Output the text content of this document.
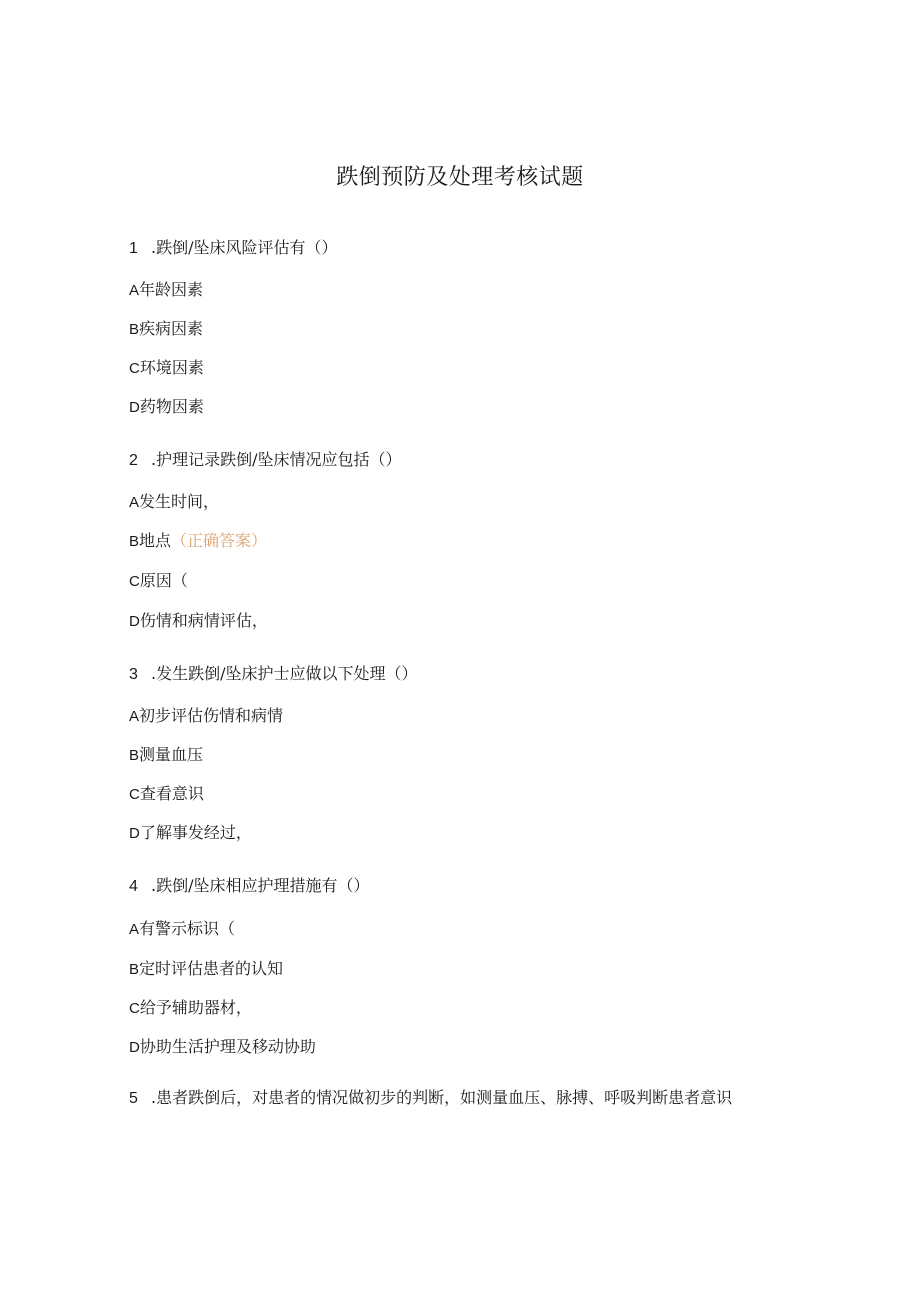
跌倒预防及处理考核试题
1 .跌倒/坠床风险评估有（）
A年龄因素
B疾病因素
C环境因素
D药物因素
2 .护理记录跌倒/坠床情况应包括（）
A发生时间，
B地点（正确答案）
C原因（
D伤情和病情评估，
3 .发生跌倒/坠床护士应做以下处理（）
A初步评估伤情和病情
B测量血压
C查看意识
D了解事发经过，
4 .跌倒/坠床相应护理措施有（）
A有警示标识（
B定时评估患者的认知
C给予辅助器材，
D协助生活护理及移动协助
5 .患者跌倒后，对患者的情况做初步的判断，如测量血压、脉搏、呼吸判断患者意识
